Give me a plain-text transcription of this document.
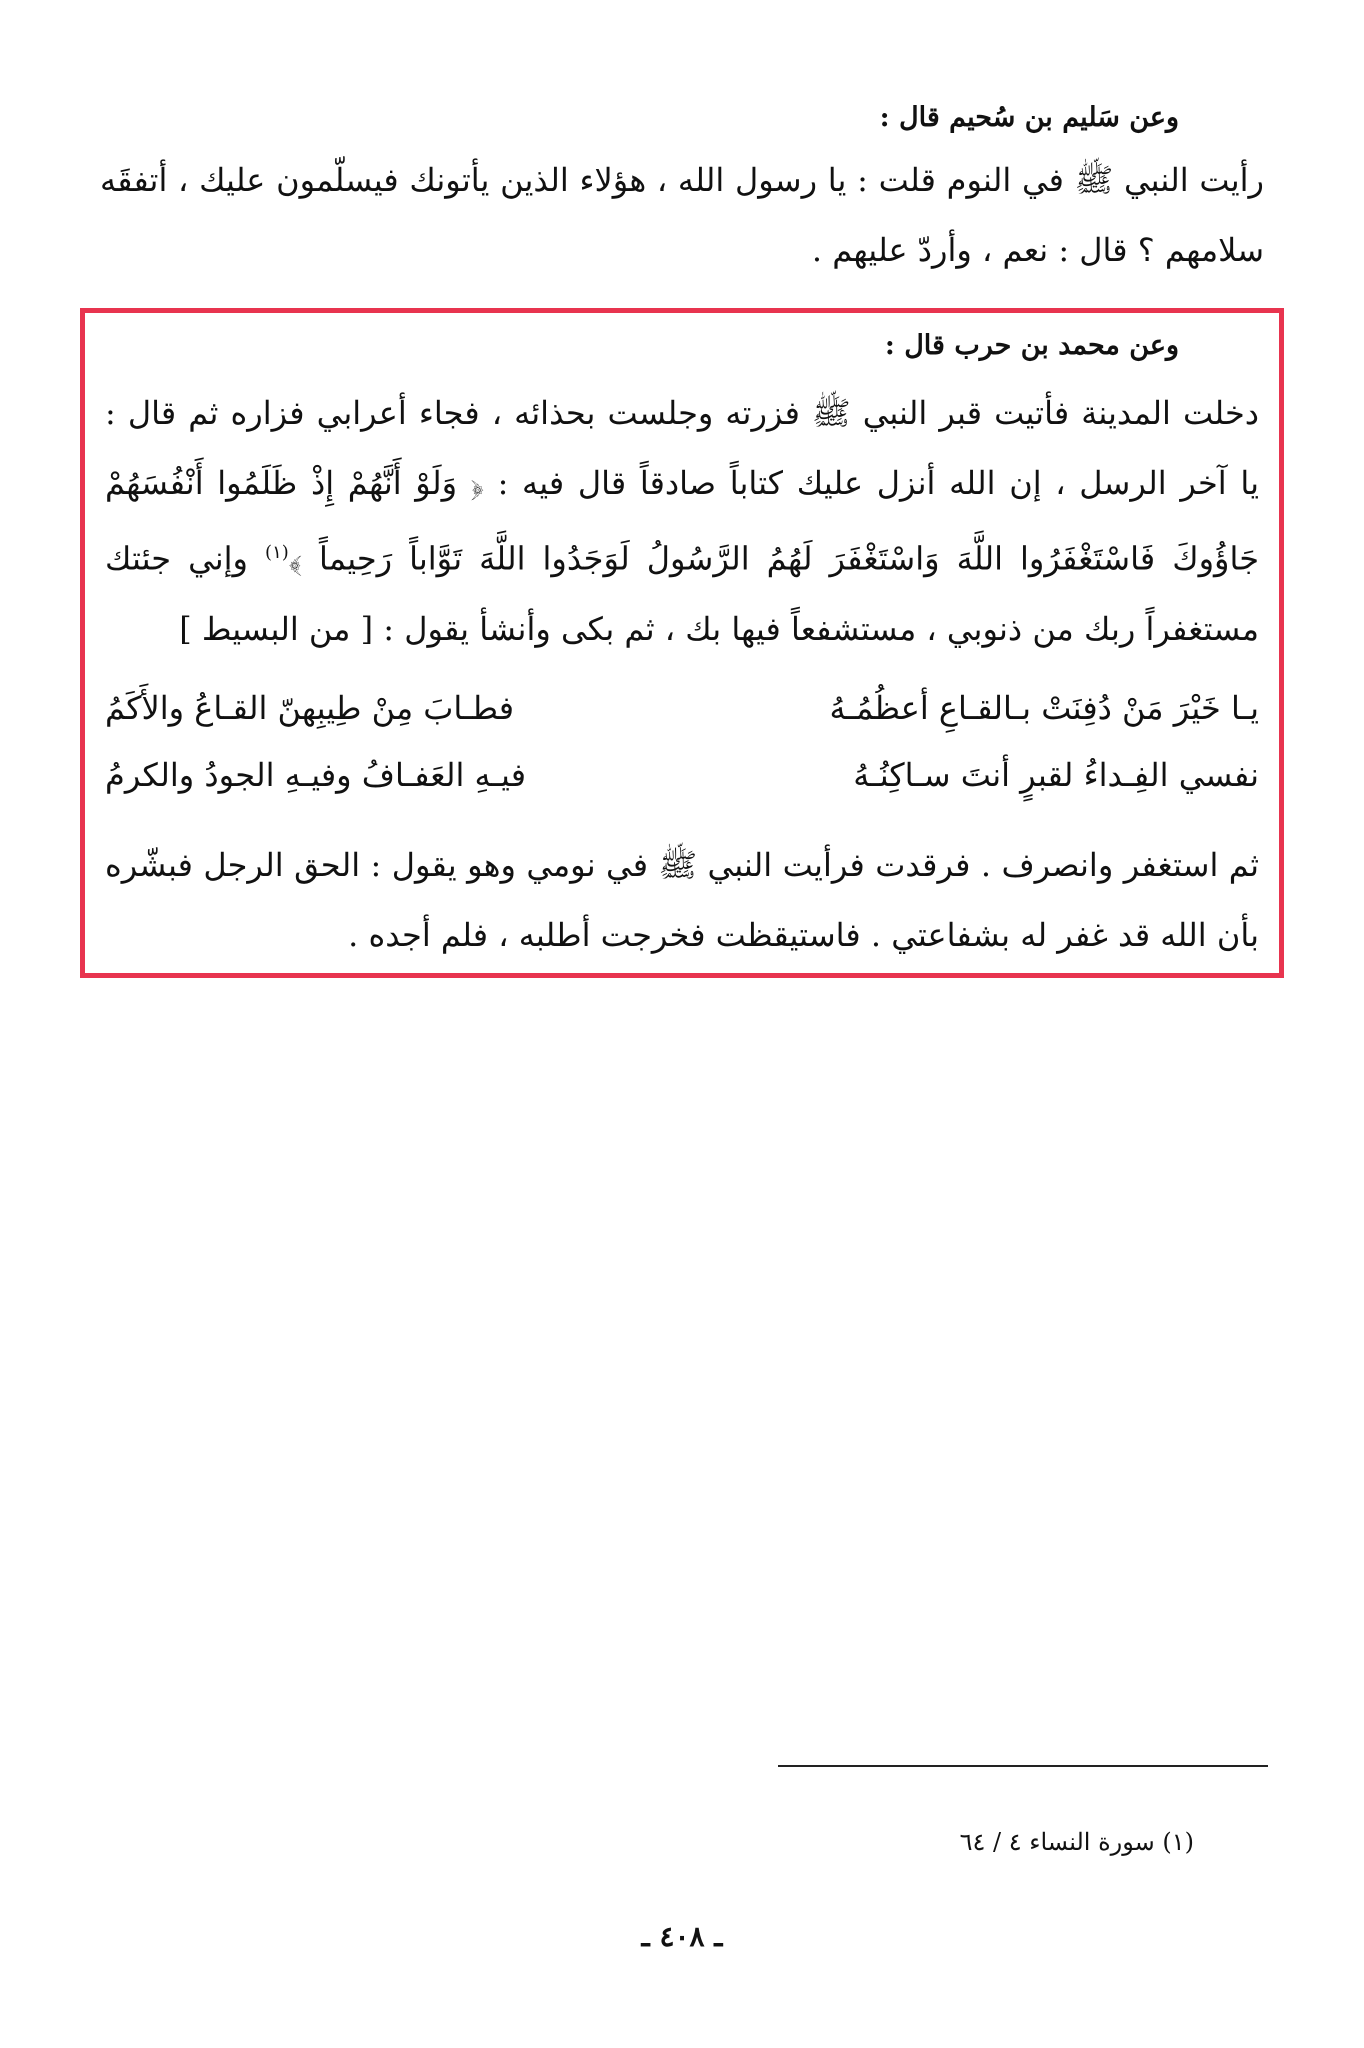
وعن سَليم بن سُحيم قال :

رأيت النبي ﷺ في النوم قلت : يا رسول الله ، هؤلاء الذين يأتونك فيسلّمون عليك ، أتفقَه سلامهم ؟ قال : نعم ، وأردّ عليهم .

وعن محمد بن حرب قال :

دخلت المدينة فأتيت قبر النبي ﷺ فزرته وجلست بحذائه ، فجاء أعرابي فزاره ثم قال : يا آخر الرسل ، إن الله أنزل عليك كتاباً صادقاً قال فيه : ﴿ وَلَوْ أَنَّهُمْ إِذْ ظَلَمُوا أَنْفُسَهُمْ جَاؤُوكَ فَاسْتَغْفَرُوا اللَّهَ وَاسْتَغْفَرَ لَهُمُ الرَّسُولُ لَوَجَدُوا اللَّهَ تَوَّاباً رَحِيماً ﴾$^{(١)}$ وإني جئتك مستغفراً ربك من ذنوبي ، مستشفعاً فيها بك ، ثم بكى وأنشأ يقول : [ من البسيط ]

يـا خَيْرَ مَنْ دُفِنَتْ بـالقـاعِ أعظُمُـهُ
فطـابَ مِنْ طِيبِهنّ القـاعُ والأَكَمُ
نفسي الفِـداءُ لقبرٍ أنتَ سـاكِنُـهُ
فيـهِ العَفـافُ وفيـهِ الجودُ والكرمُ

ثم استغفر وانصرف . فرقدت فرأيت النبي ﷺ في نومي وهو يقول : الحق الرجل فبشّره بأن الله قد غفر له بشفاعتي . فاستيقظت فخرجت أطلبه ، فلم أجده .

(١) سورة النساء ٤ / ٦٤
ـ ٤٠٨ ـ
